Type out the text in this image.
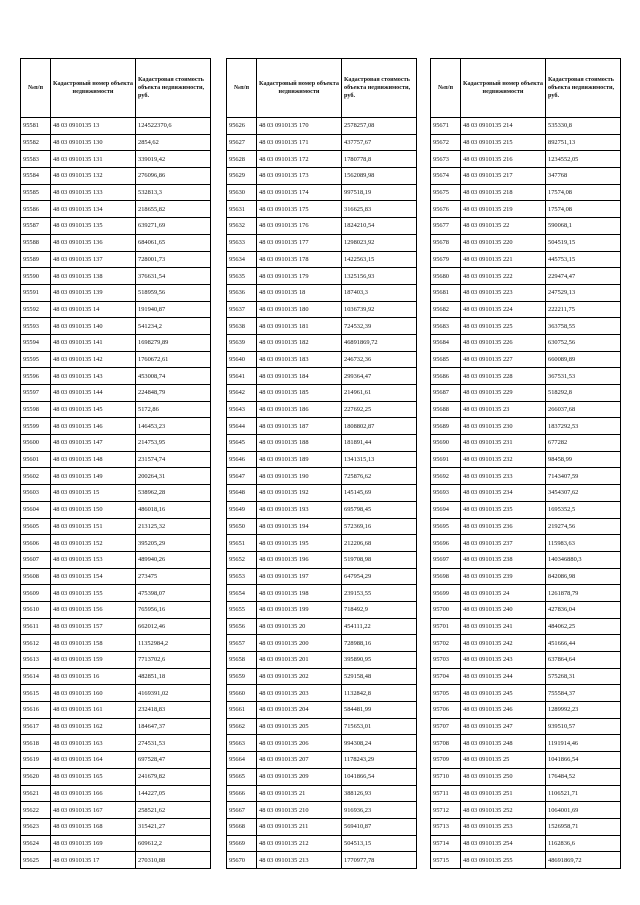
№п/п	Кадастровый номер объекта недвижимости	Кадастровая стоимость объекта недвижимости, руб.
95581	48 03 0910135 13	124522370,6
95582	48 03 0910135 130	2854,62
95583	48 03 0910135 131	339019,42
95584	48 03 0910135 132	276096,86
95585	48 03 0910135 133	532813,3
95586	48 03 0910135 134	218655,82
95587	48 03 0910135 135	639271,69
95588	48 03 0910135 136	684061,65
95589	48 03 0910135 137	728001,73
95590	48 03 0910135 138	376631,54
95591	48 03 0910135 139	518959,56
95592	48 03 0910135 14	191940,87
95593	48 03 0910135 140	541234,2
95594	48 03 0910135 141	1698279,89
95595	48 03 0910135 142	1760672,61
95596	48 03 0910135 143	453008,74
95597	48 03 0910135 144	224848,79
95598	48 03 0910135 145	5172,86
95599	48 03 0910135 146	146453,23
95600	48 03 0910135 147	214753,95
95601	48 03 0910135 148	231574,74
95602	48 03 0910135 149	200264,31
95603	48 03 0910135 15	538962,28
95604	48 03 0910135 150	486018,16
95605	48 03 0910135 151	213125,32
95606	48 03 0910135 152	395205,29
95607	48 03 0910135 153	489940,26
95608	48 03 0910135 154	273475
95609	48 03 0910135 155	475398,07
95610	48 03 0910135 156	765956,16
95611	48 03 0910135 157	662012,46
95612	48 03 0910135 158	11352984,2
95613	48 03 0910135 159	7713702,6
95614	48 03 0910135 16	482851,18
95615	48 03 0910135 160	4169391,02
95616	48 03 0910135 161	232418,83
95617	48 03 0910135 162	184647,37
95618	48 03 0910135 163	274531,53
95619	48 03 0910135 164	697528,47
95620	48 03 0910135 165	241679,82
95621	48 03 0910135 166	144227,05
95622	48 03 0910135 167	258521,62
95623	48 03 0910135 168	315421,27
95624	48 03 0910135 169	609612,2
95625	48 03 0910135 17	270310,88
№п/п	Кадастровый номер объекта недвижимости	Кадастровая стоимость объекта недвижимости, руб.
95626	48 03 0910135 170	2578257,08
95627	48 03 0910135 171	437757,67
95628	48 03 0910135 172	1780778,8
95629	48 03 0910135 173	1562089,98
95630	48 03 0910135 174	997518,19
95631	48 03 0910135 175	316625,83
95632	48 03 0910135 176	1824210,54
95633	48 03 0910135 177	1298023,92
95634	48 03 0910135 178	1422563,15
95635	48 03 0910135 179	1325156,93
95636	48 03 0910135 18	187403,3
95637	48 03 0910135 180	1036739,92
95638	48 03 0910135 181	724532,39
95639	48 03 0910135 182	46891869,72
95640	48 03 0910135 183	246732,36
95641	48 03 0910135 184	299364,47
95642	48 03 0910135 185	214961,61
95643	48 03 0910135 186	227692,25
95644	48 03 0910135 187	1808802,87
95645	48 03 0910135 188	181891,44
95646	48 03 0910135 189	1341315,13
95647	48 03 0910135 190	725876,62
95648	48 03 0910135 192	145145,69
95649	48 03 0910135 193	695798,45
95650	48 03 0910135 194	572369,16
95651	48 03 0910135 195	212206,68
95652	48 03 0910135 196	519708,98
95653	48 03 0910135 197	647954,29
95654	48 03 0910135 198	239153,55
95655	48 03 0910135 199	718492,9
95656	48 03 0910135 20	454111,22
95657	48 03 0910135 200	728988,16
95658	48 03 0910135 201	395890,95
95659	48 03 0910135 202	529158,48
95660	48 03 0910135 203	1132842,8
95661	48 03 0910135 204	584481,99
95662	48 03 0910135 205	715653,01
95663	48 03 0910135 206	994308,24
95664	48 03 0910135 207	1178243,29
95665	48 03 0910135 209	1041866,54
95666	48 03 0910135 21	388126,93
95667	48 03 0910135 210	916936,23
95668	48 03 0910135 211	569410,87
95669	48 03 0910135 212	504513,15
95670	48 03 0910135 213	1770977,78
№п/п	Кадастровый номер объекта недвижимости	Кадастровая стоимость объекта недвижимости, руб.
95671	48 03 0910135 214	535330,8
95672	48 03 0910135 215	892751,13
95673	48 03 0910135 216	1234552,05
95674	48 03 0910135 217	347768
95675	48 03 0910135 218	17574,08
95676	48 03 0910135 219	17574,08
95677	48 03 0910135 22	590068,1
95678	48 03 0910135 220	504519,15
95679	48 03 0910135 221	445753,15
95680	48 03 0910135 222	229474,47
95681	48 03 0910135 223	247529,13
95682	48 03 0910135 224	222211,75
95683	48 03 0910135 225	363758,55
95684	48 03 0910135 226	630752,56
95685	48 03 0910135 227	660089,89
95686	48 03 0910135 228	367531,53
95687	48 03 0910135 229	518292,8
95688	48 03 0910135 23	266037,68
95689	48 03 0910135 230	1837292,53
95690	48 03 0910135 231	677282
95691	48 03 0910135 232	98458,99
95692	48 03 0910135 233	7143407,59
95693	48 03 0910135 234	3454307,62
95694	48 03 0910135 235	1695352,5
95695	48 03 0910135 236	219274,56
95696	48 03 0910135 237	115983,63
95697	48 03 0910135 238	140346880,3
95698	48 03 0910135 239	842086,98
95699	48 03 0910135 24	1261878,79
95700	48 03 0910135 240	427836,04
95701	48 03 0910135 241	484062,25
95702	48 03 0910135 242	451666,44
95703	48 03 0910135 243	637864,64
95704	48 03 0910135 244	575268,31
95705	48 03 0910135 245	755584,37
95706	48 03 0910135 246	1289992,23
95707	48 03 0910135 247	939510,57
95708	48 03 0910135 248	1191914,46
95709	48 03 0910135 25	1041866,54
95710	48 03 0910135 250	176484,52
95711	48 03 0910135 251	1106521,71
95712	48 03 0910135 252	1064001,69
95713	48 03 0910135 253	1526958,71
95714	48 03 0910135 254	1162836,6
95715	48 03 0910135 255	48691869,72
